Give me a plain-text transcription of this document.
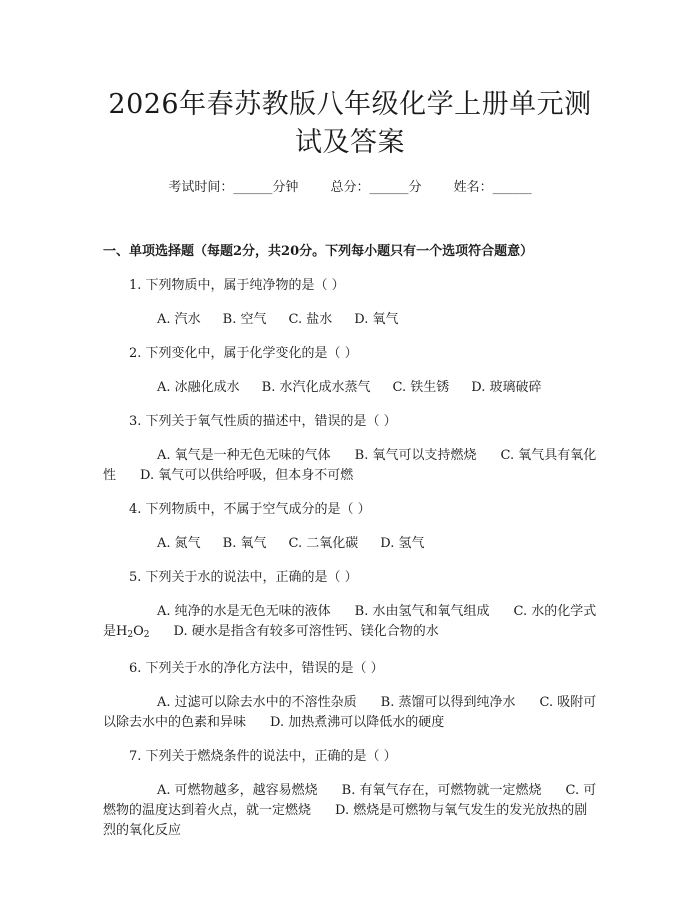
2026年春苏教版八年级化学上册单元测试及答案
考试时间：______分钟 总分：______分 姓名：______
一、单项选择题（每题2分，共20分。下列每小题只有一个选项符合题意）
1. 下列物质中，属于纯净物的是（ ）
A. 汽水 B. 空气 C. 盐水 D. 氧气
2. 下列变化中，属于化学变化的是（ ）
A. 冰融化成水 B. 水汽化成水蒸气 C. 铁生锈 D. 玻璃破碎
3. 下列关于氧气性质的描述中，错误的是（ ）
A. 氧气是一种无色无味的气体 B. 氧气可以支持燃烧 C. 氧气具有氧化性 D. 氧气可以供给呼吸，但本身不可燃
4. 下列物质中，不属于空气成分的是（ ）
A. 氮气 B. 氧气 C. 二氧化碳 D. 氢气
5. 下列关于水的说法中，正确的是（ ）
A. 纯净的水是无色无味的液体 B. 水由氢气和氧气组成 C. 水的化学式是$H_2O_2$ D. 硬水是指含有较多可溶性钙、镁化合物的水
6. 下列关于水的净化方法中，错误的是（ ）
A. 过滤可以除去水中的不溶性杂质 B. 蒸馏可以得到纯净水 C. 吸附可以除去水中的色素和异味 D. 加热煮沸可以降低水的硬度
7. 下列关于燃烧条件的说法中，正确的是（ ）
A. 可燃物越多，越容易燃烧 B. 有氧气存在，可燃物就一定燃烧 C. 可燃物的温度达到着火点，就一定燃烧 D. 燃烧是可燃物与氧气发生的发光放热的剧烈的氧化反应
